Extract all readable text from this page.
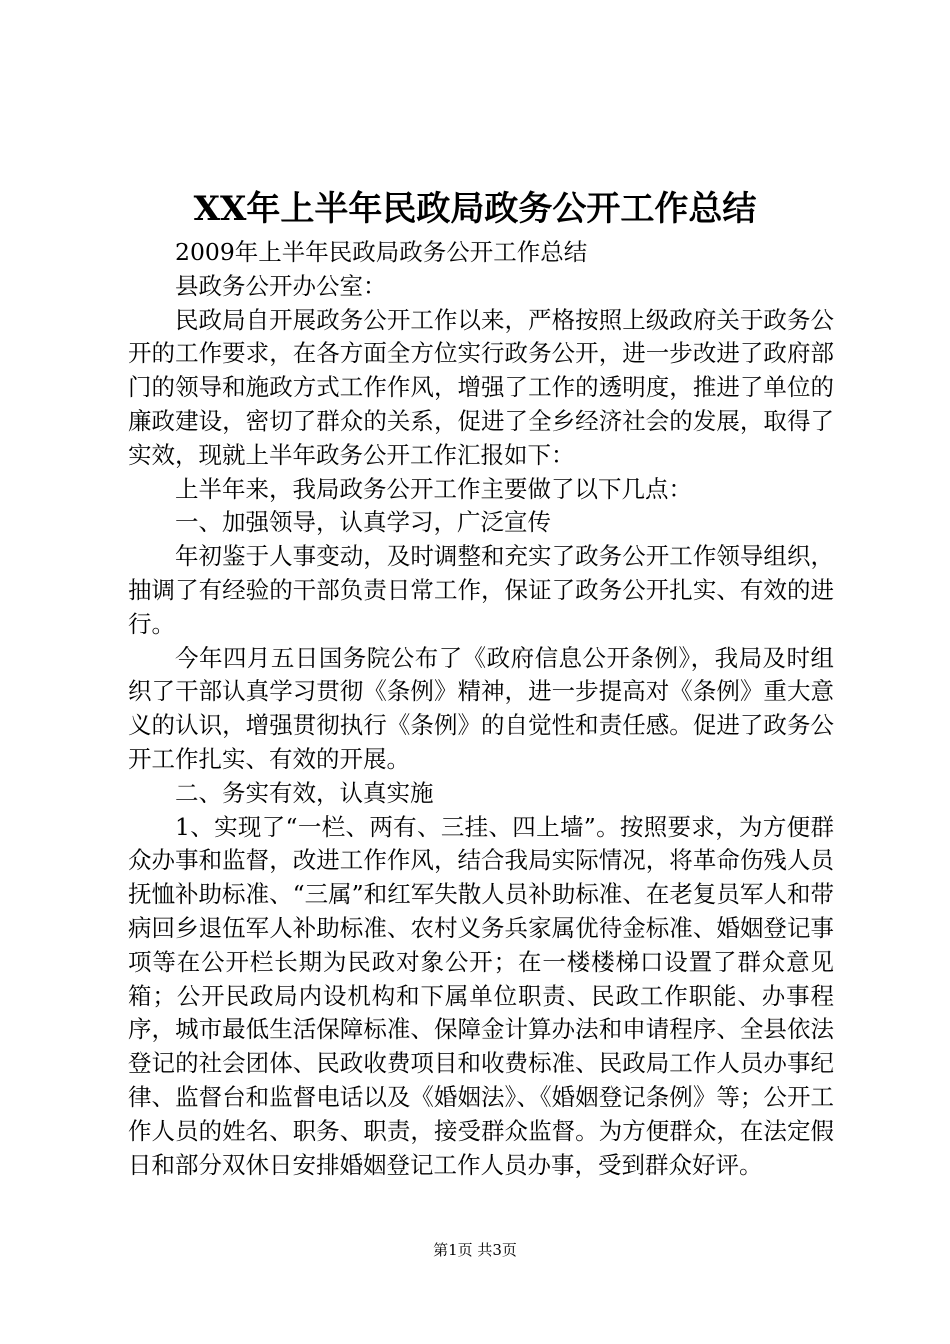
XX年上半年民政局政务公开工作总结

2009年上半年民政局政务公开工作总结

县政务公开办公室：

民政局自开展政务公开工作以来，严格按照上级政府关于政务公开的工作要求，在各方面全方位实行政务公开，进一步改进了政府部门的领导和施政方式工作作风，增强了工作的透明度，推进了单位的廉政建设，密切了群众的关系，促进了全乡经济社会的发展，取得了实效，现就上半年政务公开工作汇报如下：

上半年来，我局政务公开工作主要做了以下几点：

一、加强领导，认真学习，广泛宣传

年初鉴于人事变动，及时调整和充实了政务公开工作领导组织，抽调了有经验的干部负责日常工作，保证了政务公开扎实、有效的进行。

今年四月五日国务院公布了《政府信息公开条例》，我局及时组织了干部认真学习贯彻《条例》精神，进一步提高对《条例》重大意义的认识，增强贯彻执行《条例》的自觉性和责任感。促进了政务公开工作扎实、有效的开展。

二、务实有效，认真实施

1、实现了“一栏、两有、三挂、四上墙”。按照要求，为方便群众办事和监督，改进工作作风，结合我局实际情况，将革命伤残人员抚恤补助标准、“三属”和红军失散人员补助标准、在老复员军人和带病回乡退伍军人补助标准、农村义务兵家属优待金标准、婚姻登记事项等在公开栏长期为民政对象公开；在一楼楼梯口设置了群众意见箱；公开民政局内设机构和下属单位职责、民政工作职能、办事程序，城市最低生活保障标准、保障金计算办法和申请程序、全县依法登记的社会团体、民政收费项目和收费标准、民政局工作人员办事纪律、监督台和监督电话以及《婚姻法》、《婚姻登记条例》等；公开工作人员的姓名、职务、职责，接受群众监督。为方便群众，在法定假日和部分双休日安排婚姻登记工作人员办事，受到群众好评。

第1页 共3页
